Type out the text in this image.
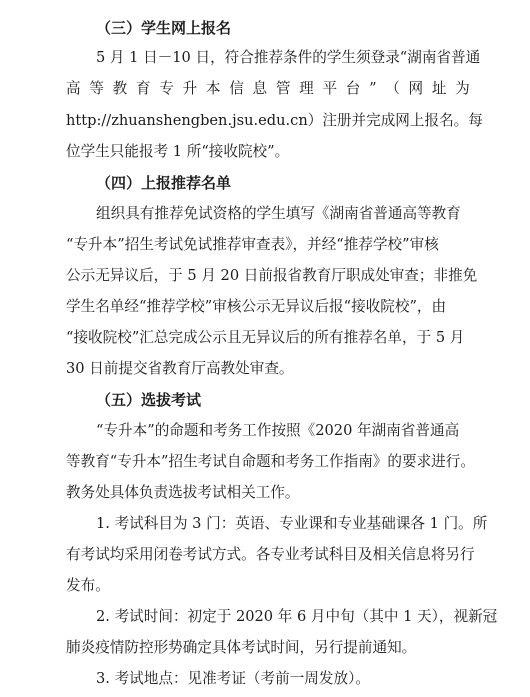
（三）学生网上报名
5 月 1 日－10 日，符合推荐条件的学生须登录“湖南省普通
高 等 教 育 专 升 本 信 息 管 理 平 台 ” （ 网 址 为
http://zhuanshengben.jsu.edu.cn）注册并完成网上报名。每
位学生只能报考 1 所“接收院校”。
（四）上报推荐名单
组织具有推荐免试资格的学生填写《湖南省普通高等教育
“专升本”招生考试免试推荐审查表》，并经“推荐学校”审核
公示无异议后，于 5 月 20 日前报省教育厅职成处审查；非推免
学生名单经“推荐学校”审核公示无异议后报“接收院校”，由
“接收院校”汇总完成公示且无异议后的所有推荐名单，于 5 月
30 日前提交省教育厅高教处审查。
（五）选拔考试
“专升本”的命题和考务工作按照《2020 年湖南省普通高
等教育“专升本”招生考试自命题和考务工作指南》的要求进行。
教务处具体负责选拔考试相关工作。
1. 考试科目为 3 门：英语、专业课和专业基础课各 1 门。所
有考试均采用闭卷考试方式。各专业考试科目及相关信息将另行
发布。
2. 考试时间：初定于 2020 年 6 月中旬（其中 1 天），视新冠
肺炎疫情防控形势确定具体考试时间，另行提前通知。
3. 考试地点：见准考证（考前一周发放）。
